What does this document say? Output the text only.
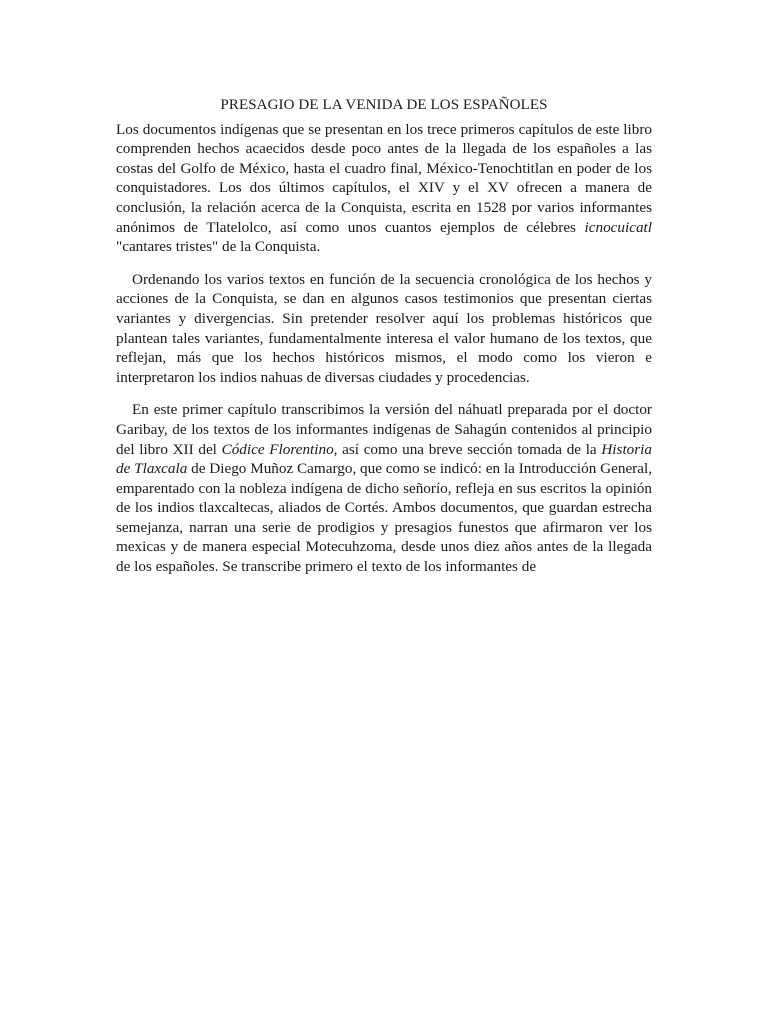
PRESAGIO DE LA VENIDA DE LOS ESPAÑOLES

Los documentos indígenas que se presentan en los trece primeros capítulos de este libro comprenden hechos acaecidos desde poco antes de la llegada de los españoles a las costas del Golfo de México, hasta el cuadro final, México-Tenochtitlan en poder de los conquistadores. Los dos últimos capítulos, el XIV y el XV ofrecen a manera de conclusión, la relación acerca de la Conquista, escrita en 1528 por varios informantes anónimos de Tlatelolco, así como unos cuantos ejemplos de célebres icnocuicatl "cantares tristes" de la Conquista.

Ordenando los varios textos en función de la secuencia cronológica de los hechos y acciones de la Conquista, se dan en algunos casos testimonios que presentan ciertas variantes y divergencias. Sin pretender resolver aquí los problemas históricos que plantean tales variantes, fundamentalmente interesa el valor humano de los textos, que reflejan, más que los hechos históricos mismos, el modo como los vieron e interpretaron los indios nahuas de diversas ciudades y procedencias.

En este primer capítulo transcribimos la versión del náhuatl preparada por el doctor Garibay, de los textos de los informantes indígenas de Sahagún contenidos al principio del libro XII del Códice Florentino, así como una breve sección tomada de la Historia de Tlaxcala de Diego Muñoz Camargo, que como se indicó: en la Introducción General, emparentado con la nobleza indígena de dicho señorío, refleja en sus escritos la opinión de los indios tlaxcaltecas, aliados de Cortés. Ambos documentos, que guardan estrecha semejanza, narran una serie de prodigios y presagios funestos que afirmaron ver los mexicas y de manera especial Motecuhzoma, desde unos diez años antes de la llegada de los españoles. Se transcribe primero el texto de los informantes de
